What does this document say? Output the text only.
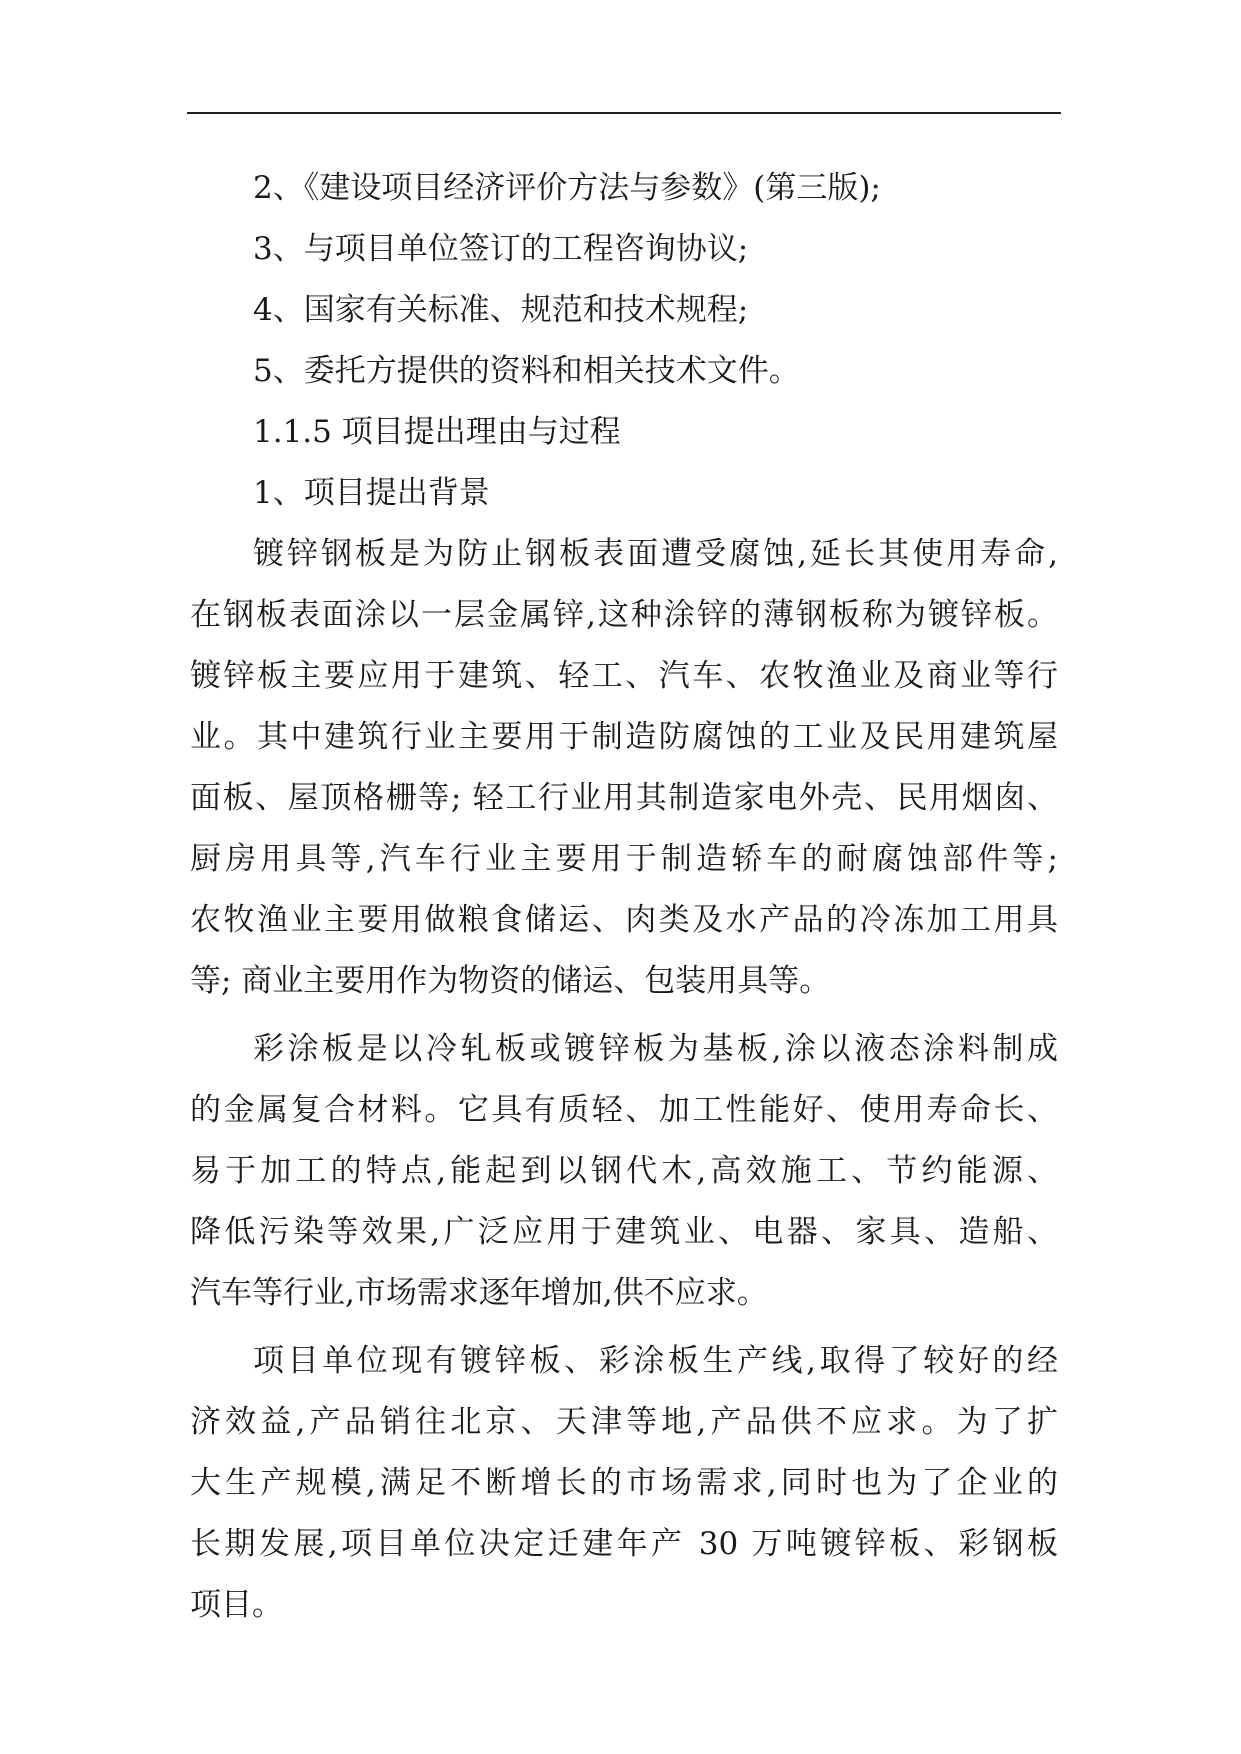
2、《建设项目经济评价方法与参数》(第三版);
3、与项目单位签订的工程咨询协议;
4、国家有关标准、规范和技术规程;
5、委托方提供的资料和相关技术文件。
1.1.5 项目提出理由与过程
1、项目提出背景
镀锌钢板是为防止钢板表面遭受腐蚀,延长其使用寿命,
在钢板表面涂以一层金属锌,这种涂锌的薄钢板称为镀锌板。
镀锌板主要应用于建筑、轻工、汽车、农牧渔业及商业等行
业。其中建筑行业主要用于制造防腐蚀的工业及民用建筑屋
面板、屋顶格栅等; 轻工行业用其制造家电外壳、民用烟囱、
厨房用具等,汽车行业主要用于制造轿车的耐腐蚀部件等;
农牧渔业主要用做粮食储运、肉类及水产品的冷冻加工用具
等; 商业主要用作为物资的储运、包装用具等。
彩涂板是以冷轧板或镀锌板为基板,涂以液态涂料制成
的金属复合材料。它具有质轻、加工性能好、使用寿命长、
易于加工的特点,能起到以钢代木,高效施工、节约能源、
降低污染等效果,广泛应用于建筑业、电器、家具、造船、
汽车等行业,市场需求逐年增加,供不应求。
项目单位现有镀锌板、彩涂板生产线,取得了较好的经
济效益,产品销往北京、天津等地,产品供不应求。为了扩
大生产规模,满足不断增长的市场需求,同时也为了企业的
长期发展,项目单位决定迁建年产 30 万吨镀锌板、彩钢板
项目。
